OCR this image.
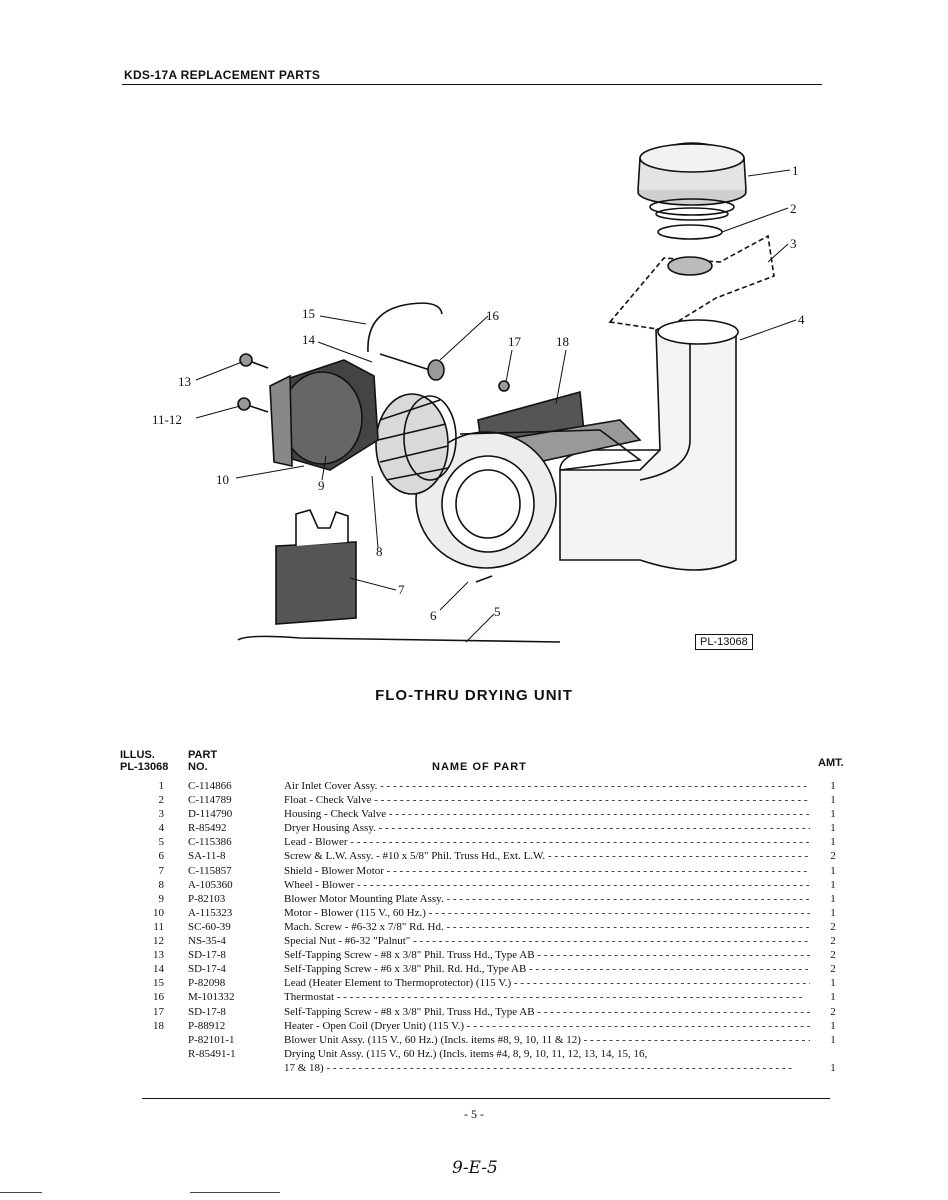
KDS-17A REPLACEMENT PARTS
1
2
3
4
5
6
7
8
9
10
11-12
13
14
15	16
17	18
PL-13068
FLO-THRU DRYING UNIT
ILLUS.
PL-13068
PART
NO.	NAME OF PART	AMT.
1 C-114866	Air Inlet Cover Assy. - - -	1
2 C-114789	Float - Check Valve - - -	1
3 D-114790	Housing - Check Valve - - -	1
4 R-85492	Dryer Housing Assy. - - -	1
5 C-115386	Lead - Blower - - -	1
6 SA-11-8	Screw & L.W. Assy. - #10 x 5/8" Phil. Truss Hd., Ext. L.W. - - -	2
7 C-115857	Shield - Blower Motor - - -	1
8 A-105360	Wheel - Blower - - -	1
9 P-82103	Blower Motor Mounting Plate Assy. - - -	1
10 A-115323	Motor - Blower (115 V., 60 Hz.) - - -	1
11 SC-60-39	Mach. Screw - #6-32 x 7/8" Rd. Hd. - - -	2
12 NS-35-4	Special Nut - #6-32 "Palnut" - - -	2
13 SD-17-8	Self-Tapping Screw - #8 x 3/8" Phil. Truss Hd., Type AB - - -	2
14 SD-17-4	Self-Tapping Screw - #6 x 3/8" Phil. Rd. Hd., Type AB - - -	2
15 P-82098	Lead (Heater Element to Thermoprotector) (115 V.) - - -	1
16 M-101332	Thermostat - - -	1
17 SD-17-8	Self-Tapping Screw - #8 x 3/8" Phil. Truss Hd., Type AB - - -	2
18 P-88912	Heater - Open Coil (Dryer Unit) (115 V.) - - -	1
P-82101-1	Blower Unit Assy. (115 V., 60 Hz.) (Incls. items #8, 9, 10, 11 & 12) - - -	1
R-85491-1	Drying Unit Assy. (115 V., 60 Hz.) (Incls. items #4, 8, 9, 10, 11, 12, 13, 14, 15, 16,
17 & 18) - - -	1
- 5 -
9-E-5
